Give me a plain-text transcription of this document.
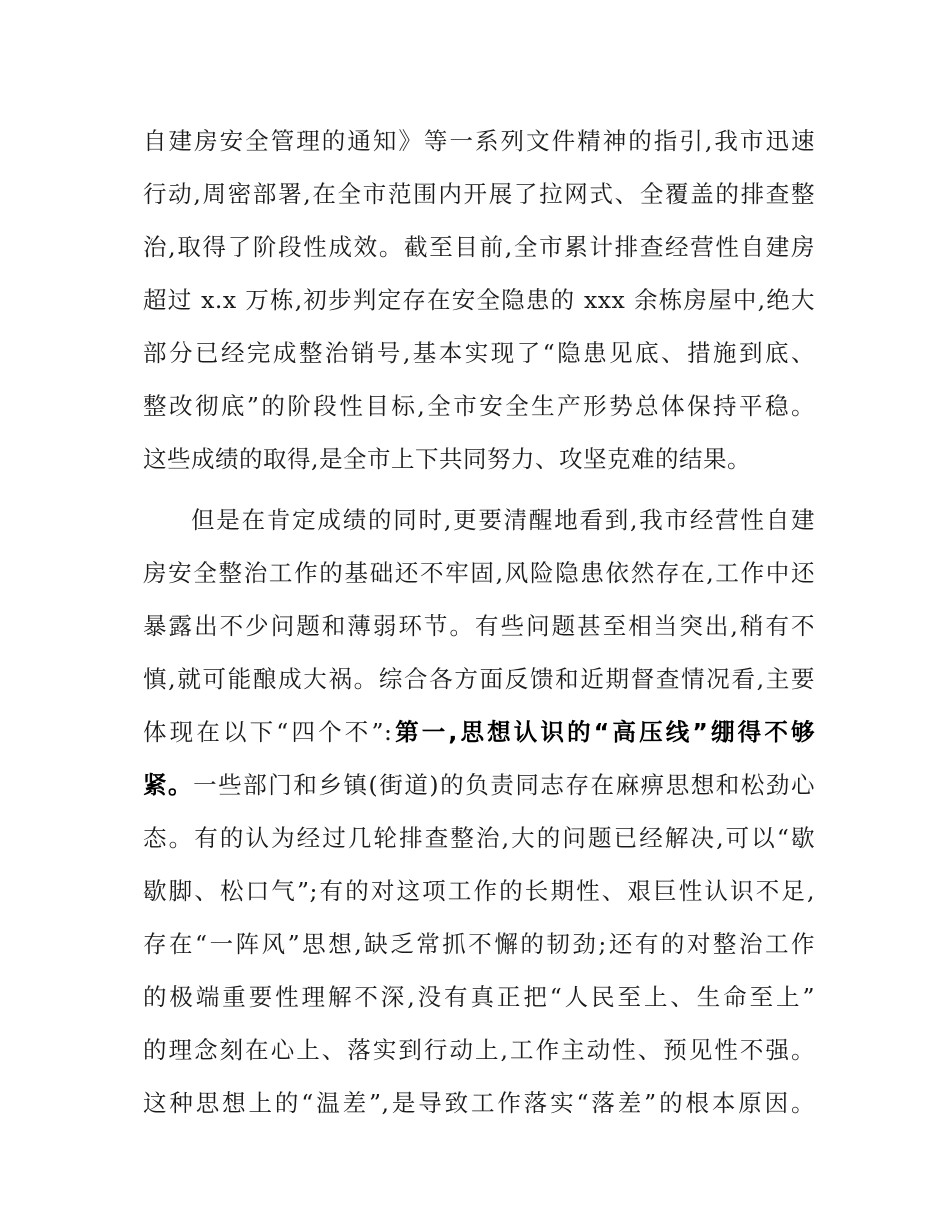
自建房安全管理的通知》等一系列文件精神的指引,我市迅速
行动,周密部署,在全市范围内开展了拉网式、全覆盖的排查整
治,取得了阶段性成效。截至目前,全市累计排查经营性自建房
超过 x.x 万栋,初步判定存在安全隐患的 xxx 余栋房屋中,绝大
部分已经完成整治销号,基本实现了“隐患见底、措施到底、
整改彻底”的阶段性目标,全市安全生产形势总体保持平稳。
这些成绩的取得,是全市上下共同努力、攻坚克难的结果。
但是在肯定成绩的同时,更要清醒地看到,我市经营性自建
房安全整治工作的基础还不牢固,风险隐患依然存在,工作中还
暴露出不少问题和薄弱环节。有些问题甚至相当突出,稍有不
慎,就可能酿成大祸。综合各方面反馈和近期督查情况看,主要
体现在以下“四个不”:第一,思想认识的“高压线”绷得不够
紧。一些部门和乡镇(街道)的负责同志存在麻痹思想和松劲心
态。有的认为经过几轮排查整治,大的问题已经解决,可以“歇
歇脚、松口气”;有的对这项工作的长期性、艰巨性认识不足,
存在“一阵风”思想,缺乏常抓不懈的韧劲;还有的对整治工作
的极端重要性理解不深,没有真正把“人民至上、生命至上”
的理念刻在心上、落实到行动上,工作主动性、预见性不强。
这种思想上的“温差”,是导致工作落实“落差”的根本原因。
